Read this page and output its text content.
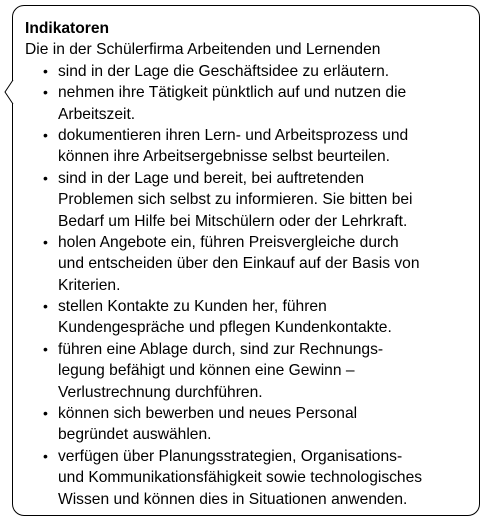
Indikatoren
Die in der Schülerfirma Arbeitenden und Lernenden
• sind in der Lage die Geschäftsidee zu erläutern.
• nehmen ihre Tätigkeit pünktlich auf und nutzen die
Arbeitszeit.
• dokumentieren ihren Lern- und Arbeitsprozess und
können ihre Arbeitsergebnisse selbst beurteilen.
• sind in der Lage und bereit, bei auftretenden
Problemen sich selbst zu informieren. Sie bitten bei
Bedarf um Hilfe bei Mitschülern oder der Lehrkraft.
• holen Angebote ein, führen Preisvergleiche durch
und entscheiden über den Einkauf auf der Basis von
Kriterien.
• stellen Kontakte zu Kunden her, führen
Kundengespräche und pflegen Kundenkontakte.
• führen eine Ablage durch, sind zur Rechnungs-
legung befähigt und können eine Gewinn –
Verlustrechnung durchführen.
• können sich bewerben und neues Personal
begründet auswählen.
• verfügen über Planungsstrategien, Organisations-
und Kommunikationsfähigkeit sowie technologisches
Wissen und können dies in Situationen anwenden.
